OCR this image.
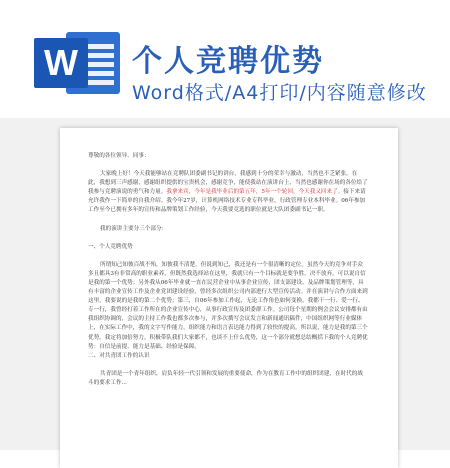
W	个人竞聘优势
Word格式/A4打印/内容随意修改

尊敬的各位领导、同事：

大家晚上好！今天我能够站在竞聘队团委副书记的讲台，我感到十分的荣幸与激动，当然也不乏紧张。在此，我想到三声感谢，感谢组织提供的宝贵机会，感谢竞争，能使我站在演讲台上，当然也感谢你在场的各位给了我参与竞聘演说的勇气和力量。我拿来宾，今年是我毕业后的第五年，5年一个轮回，今天我又回来了。接下来请允许我作一下简单的自我介绍。我今年27岁，计算机网络技术专业专科毕业，行政管理专业本科毕业。06年参加工作至今已拥有多年的宣传和品牌策划工作经验，今天我要竞选的职位就是大队团委副书记一职。

我的演讲主要分三个部分：

一、个人竞聘优势

所谓知己知彼百战不殆，知彼我不清楚，但说到知己，我还是有一个很清晰的定位。虽然今天的竞争对手众多且都具3有非常高的职业素养，但既然我选择站在这里，我就只有一个目标就是要争胜，决不放弃。可以说自信是我的第一个优势；另外我从06年毕业就一直在民营企业中从事企业宣传，团支部建设、及品牌策划管理等，具有丰富的企业宣传工作及企业党团建设经验，曾经多次组织公司内部进行大型宣传活动。并在演讲与合作方面来到这里，我要说的是我的第二个优势；第三，自06年参加工作起，无论工作角色如何变换，我都干一行、爱一行、专一行，我曾经打着工作所在的企业宣传中心，从事行政宣传及团委群工作。公司每个星期的例会会议安排都有由我组织协调的，会议的主持工作我也都多次参与，并多次撰写会议发言和新闻通讯稿件，中国组织网等行业媒体上，在实际工作中，我的文字写作能力，组织能力和语言表达能力得到了较快的提高。所以说，能力是我的第三个优势。我定将加倍努力，积极带队我们大家都不，也谈不上什么优势，这一个部分就想总结概括下我的个人竞聘优势：自信是前提、能力是基础、经验是保障。

二、对共青团工作的认识

共青团是一个青年组织，肩负年轻一代引领和发展的重要使命，作为在教育工作中的组织团建，在时代的战斗的要求工作...
